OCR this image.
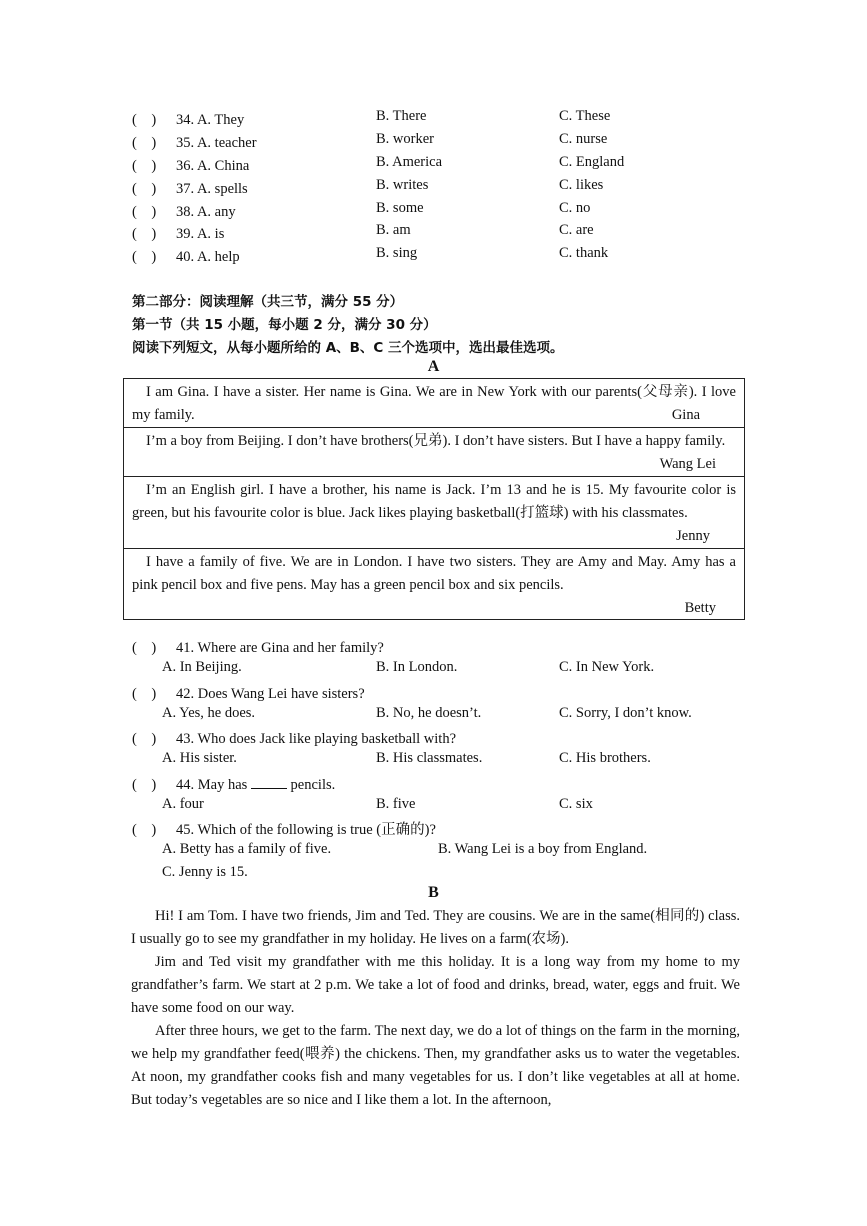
(　) 34. A. They	B. There	C. These
(　) 35. A. teacher	B. worker	C. nurse
(　) 36. A. China	B. America	C. England
(　) 37. A. spells	B. writes	C. likes
(　) 38. A. any	B. some	C. no
(　) 39. A. is	B. am	C. are
(　) 40. A. help	B. sing	C. thank
第二部分：阅读理解（共三节，满分 55 分）
第一节（共 15 小题，每小题 2 分，满分 30 分）
阅读下列短文，从每小题所给的 A、B、C 三个选项中，选出最佳选项。
A
I am Gina. I have a sister. Her name is Gina. We are in New York with our parents(父母亲). I love my family.	Gina
I’m a boy from Beijing. I don’t have brothers(兄弟). I don’t have sisters. But I have a happy family.
Wang Lei
I’m an English girl. I have a brother, his name is Jack. I’m 13 and he is 15. My favourite color is green, but his favourite color is blue. Jack likes playing basketball(打篮球) with his classmates.
Jenny
I have a family of five. We are in London. I have two sisters. They are Amy and May. Amy has a pink pencil box and five pens. May has a green pencil box and six pencils.
Betty
(　) 41. Where are Gina and her family?
A. In Beijing.	B. In London.	C. In New York.
(　) 42. Does Wang Lei have sisters?
A. Yes, he does.	B. No, he doesn’t.	C. Sorry, I don’t know.
(　) 43. Who does Jack like playing basketball with?
A. His sister.	B. His classmates.	C. His brothers.
(　) 44. May has	pencils.
A. four	B. five	C. six
(　) 45. Which of the following is true (正确的)?
A. Betty has a family of five.	B. Wang Lei is a boy from England.
C. Jenny is 15.
B

Hi! I am Tom. I have two friends, Jim and Ted. They are cousins. We are in the same(相同的) class. I usually go to see my grandfather in my holiday. He lives on a farm(农场).

Jim and Ted visit my grandfather with me this holiday. It is a long way from my home to my grandfather’s farm. We start at 2 p.m. We take a lot of food and drinks, bread, water, eggs and fruit. We have some food on our way.

After three hours, we get to the farm. The next day, we do a lot of things on the farm in the morning, we help my grandfather feed(喂养) the chickens. Then, my grandfather asks us to water the vegetables. At noon, my grandfather cooks fish and many vegetables for us. I don’t like vegetables at all at home. But today’s vegetables are so nice and I like them a lot. In the afternoon,
